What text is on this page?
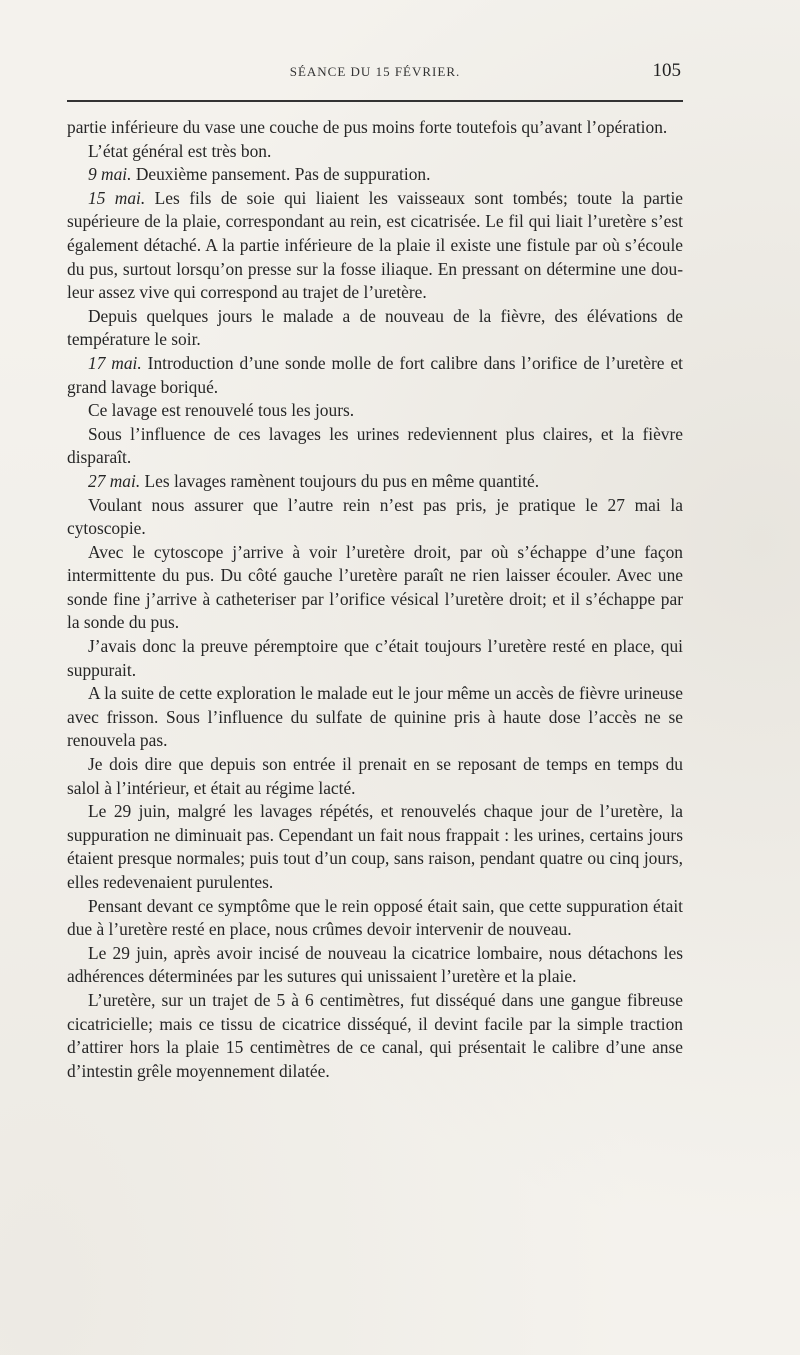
SÉANCE DU 15 FÉVRIER.	105

partie inférieure du vase une couche de pus moins forte toutefois qu’avant l’opération.

L’état général est très bon.

9 mai. Deuxième pansement. Pas de suppuration.

15 mai. Les fils de soie qui liaient les vaisseaux sont tombés; toute la partie supérieure de la plaie, correspondant au rein, est cicatrisée. Le fil qui liait l’uretère s’est également détaché. A la partie inférieure de la plaie il existe une fistule par où s’écoule du pus, surtout lorsqu’on presse sur la fosse iliaque. En pressant on détermine une douleur assez vive qui correspond au trajet de l’uretère.

Depuis quelques jours le malade a de nouveau de la fièvre, des élévations de température le soir.

17 mai. Introduction d’une sonde molle de fort calibre dans l’orifice de l’uretère et grand lavage boriqué.

Ce lavage est renouvelé tous les jours.

Sous l’influence de ces lavages les urines redeviennent plus claires, et la fièvre disparaît.

27 mai. Les lavages ramènent toujours du pus en même quantité.

Voulant nous assurer que l’autre rein n’est pas pris, je pratique le 27 mai la cytoscopie.

Avec le cytoscope j’arrive à voir l’uretère droit, par où s’échappe d’une façon intermittente du pus. Du côté gauche l’uretère paraît ne rien laisser écouler. Avec une sonde fine j’arrive à catheteriser par l’orifice vésical l’uretère droit; et il s’échappe par la sonde du pus.

J’avais donc la preuve péremptoire que c’était toujours l’uretère resté en place, qui suppurait.

A la suite de cette exploration le malade eut le jour même un accès de fièvre urineuse avec frisson. Sous l’influence du sulfate de quinine pris à haute dose l’accès ne se renouvela pas.

Je dois dire que depuis son entrée il prenait en se reposant de temps en temps du salol à l’intérieur, et était au régime lacté.

Le 29 juin, malgré les lavages répétés, et renouvelés chaque jour de l’uretère, la suppuration ne diminuait pas. Cependant un fait nous frappait : les urines, certains jours étaient presque normales; puis tout d’un coup, sans raison, pendant quatre ou cinq jours, elles redevenaient purulentes.

Pensant devant ce symptôme que le rein opposé était sain, que cette suppuration était due à l’uretère resté en place, nous crûmes devoir intervenir de nouveau.

Le 29 juin, après avoir incisé de nouveau la cicatrice lombaire, nous détachons les adhérences déterminées par les sutures qui unissaient l’uretère et la plaie.

L’uretère, sur un trajet de 5 à 6 centimètres, fut disséqué dans une gangue fibreuse cicatricielle; mais ce tissu de cicatrice disséqué, il devint facile par la simple traction d’attirer hors la plaie 15 centimètres de ce canal, qui présentait le calibre d’une anse d’intestin grêle moyennement dilatée.
